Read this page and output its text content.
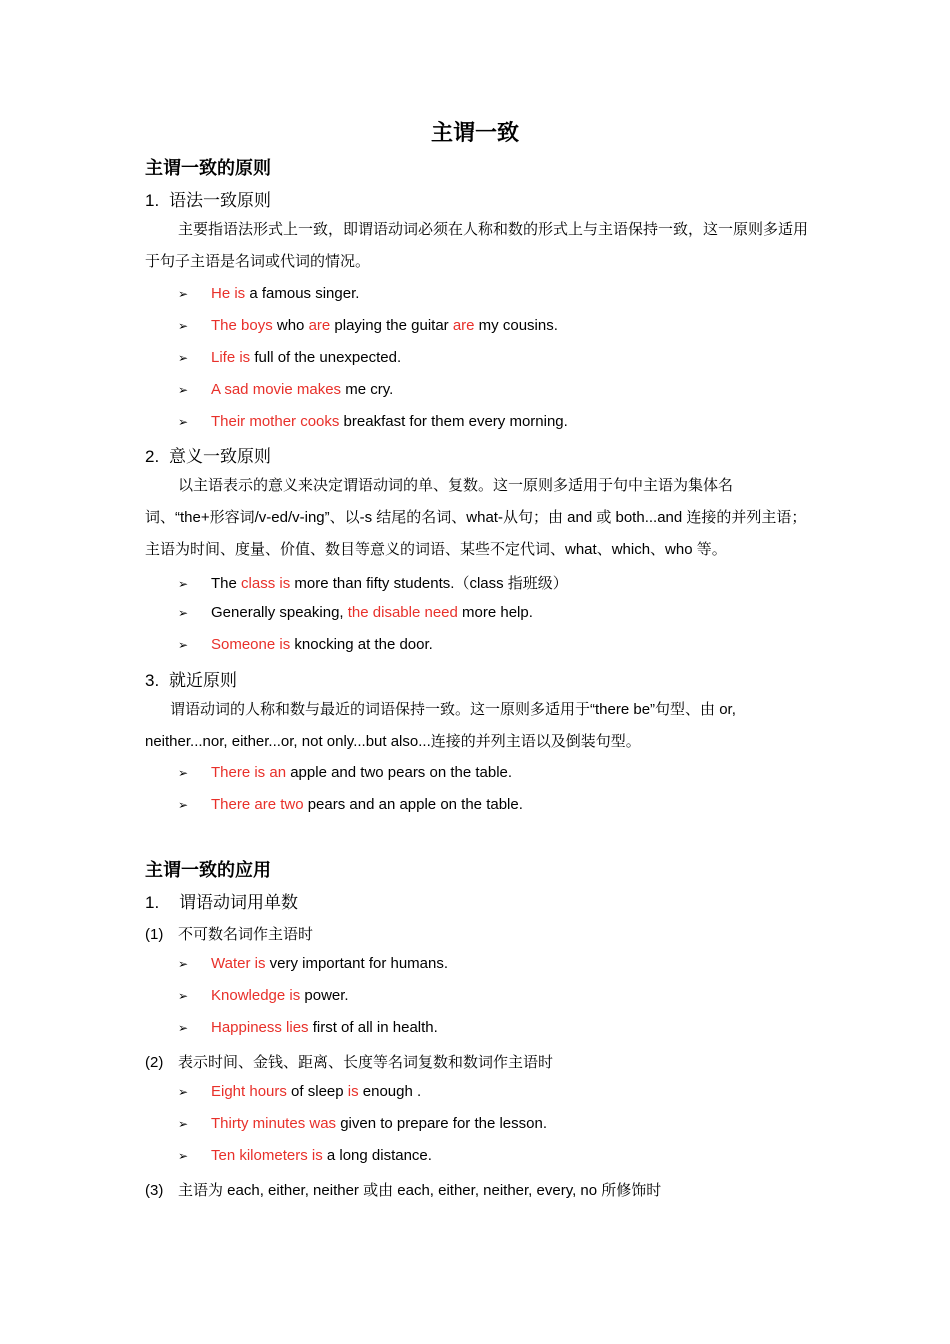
主谓一致
主谓一致的原则
1. 语法一致原则

主要指语法形式上一致，即谓语动词必须在人称和数的形式上与主语保持一致，这一原则多适用于句子主语是名词或代词的情况。

➢ He is a famous singer.
➢ The boys who are playing the guitar are my cousins.
➢ Life is full of the unexpected.
➢ A sad movie makes me cry.
➢ Their mother cooks breakfast for them every morning.
2. 意义一致原则

以主语表示的意义来决定谓语动词的单、复数。这一原则多适用于句中主语为集体名词、“the+形容词/v-ed/v-ing”、以-s 结尾的名词、what-从句；由 and 或 both...and 连接的并列主语；主语为时间、度量、价值、数目等意义的词语、某些不定代词、what、which、who 等。

➢ The class is more than fifty students.（class 指班级）
➢ Generally speaking, the disable need more help.
➢ Someone is knocking at the door.
3. 就近原则

谓语动词的人称和数与最近的词语保持一致。这一原则多适用于“there be”句型、由 or, neither...nor, either...or, not only...but also...连接的并列主语以及倒装句型。

➢ There is an apple and two pears on the table.
➢ There are two pears and an apple on the table.
主谓一致的应用
1. 谓语动词用单数
(1) 不可数名词作主语时
➢ Water is very important for humans.
➢ Knowledge is power.
➢ Happiness lies first of all in health.
(2) 表示时间、金钱、距离、长度等名词复数和数词作主语时
➢ Eight hours of sleep is enough .
➢ Thirty minutes was given to prepare for the lesson.
➢ Ten kilometers is a long distance.
(3) 主语为 each, either, neither 或由 each, either, neither, every, no 所修饰时
